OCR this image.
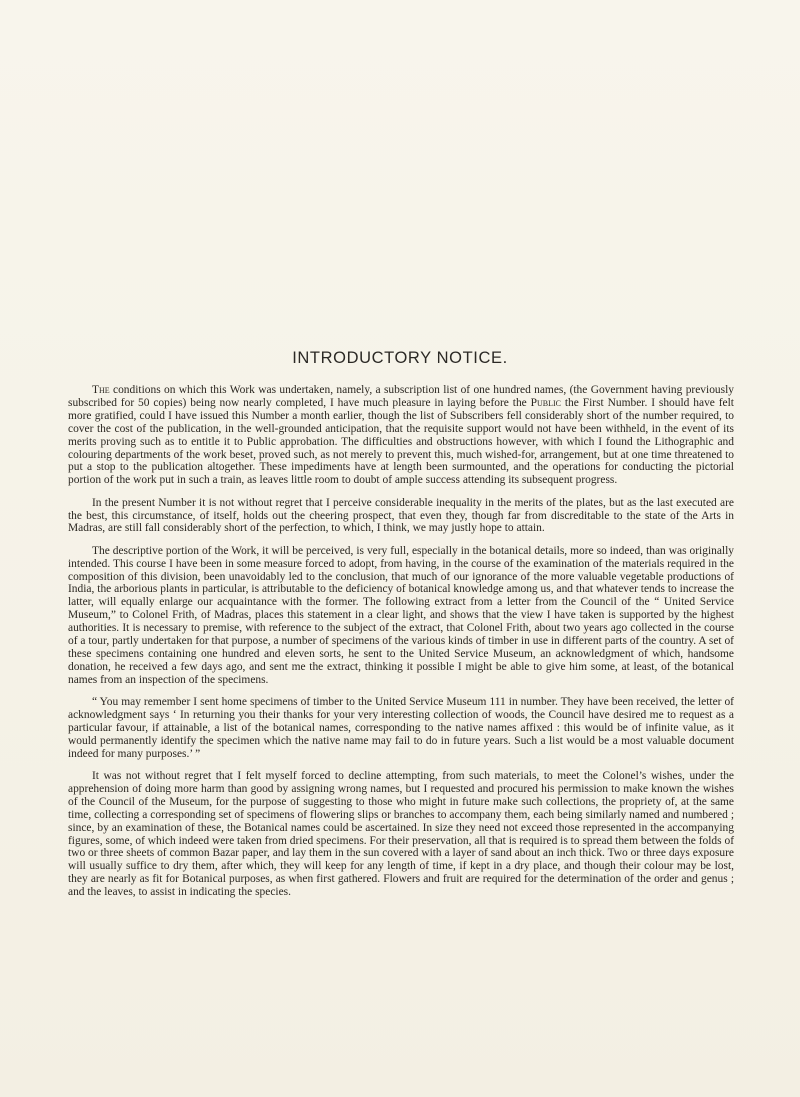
INTRODUCTORY NOTICE.

The conditions on which this Work was undertaken, namely, a subscription list of one hundred names, (the Government having previously subscribed for 50 copies) being now nearly completed, I have much pleasure in laying before the Public the First Number. I should have felt more gratified, could I have issued this Number a month earlier, though the list of Subscribers fell considerably short of the number required, to cover the cost of the publication, in the well-grounded anticipation, that the requisite support would not have been withheld, in the event of its merits proving such as to entitle it to Public approbation. The difficulties and obstructions however, with which I found the Lithographic and colouring departments of the work beset, proved such, as not merely to prevent this, much wished-for, arrangement, but at one time threatened to put a stop to the publication altogether. These impediments have at length been surmounted, and the operations for conducting the pictorial portion of the work put in such a train, as leaves little room to doubt of ample success attending its subsequent progress.

In the present Number it is not without regret that I perceive considerable inequality in the merits of the plates, but as the last executed are the best, this circumstance, of itself, holds out the cheering prospect, that even they, though far from discreditable to the state of the Arts in Madras, are still fall considerably short of the perfection, to which, I think, we may justly hope to attain.

The descriptive portion of the Work, it will be perceived, is very full, especially in the botanical details, more so indeed, than was originally intended. This course I have been in some measure forced to adopt, from having, in the course of the examination of the materials required in the composition of this division, been unavoidably led to the conclusion, that much of our ignorance of the more valuable vegetable productions of India, the arborious plants in particular, is attributable to the deficiency of botanical knowledge among us, and that whatever tends to increase the latter, will equally enlarge our acquaintance with the former. The following extract from a letter from the Council of the “ United Service Museum,” to Colonel Frith, of Madras, places this statement in a clear light, and shows that the view I have taken is supported by the highest authorities. It is necessary to premise, with reference to the subject of the extract, that Colonel Frith, about two years ago collected in the course of a tour, partly undertaken for that purpose, a number of specimens of the various kinds of timber in use in different parts of the country. A set of these specimens containing one hundred and eleven sorts, he sent to the United Service Museum, an acknowledgment of which, handsome donation, he received a few days ago, and sent me the extract, thinking it possible I might be able to give him some, at least, of the botanical names from an inspection of the specimens.

“ You may remember I sent home specimens of timber to the United Service Museum 111 in number. They have been received, the letter of acknowledgment says ‘ In returning you their thanks for your very interesting collection of woods, the Council have desired me to request as a particular favour, if attainable, a list of the botanical names, corresponding to the native names affixed : this would be of infinite value, as it would permanently identify the specimen which the native name may fail to do in future years. Such a list would be a most valuable document indeed for many purposes.’ ”

It was not without regret that I felt myself forced to decline attempting, from such materials, to meet the Colonel’s wishes, under the apprehension of doing more harm than good by assigning wrong names, but I requested and procured his permission to make known the wishes of the Council of the Museum, for the purpose of suggesting to those who might in future make such collections, the propriety of, at the same time, collecting a corresponding set of specimens of flowering slips or branches to accompany them, each being similarly named and numbered ; since, by an examination of these, the Botanical names could be ascertained. In size they need not exceed those represented in the accompanying figures, some, of which indeed were taken from dried specimens. For their preservation, all that is required is to spread them between the folds of two or three sheets of common Bazar paper, and lay them in the sun covered with a layer of sand about an inch thick. Two or three days exposure will usually suffice to dry them, after which, they will keep for any length of time, if kept in a dry place, and though their colour may be lost, they are nearly as fit for Botanical purposes, as when first gathered. Flowers and fruit are required for the determination of the order and genus ; and the leaves, to assist in indicating the species.
